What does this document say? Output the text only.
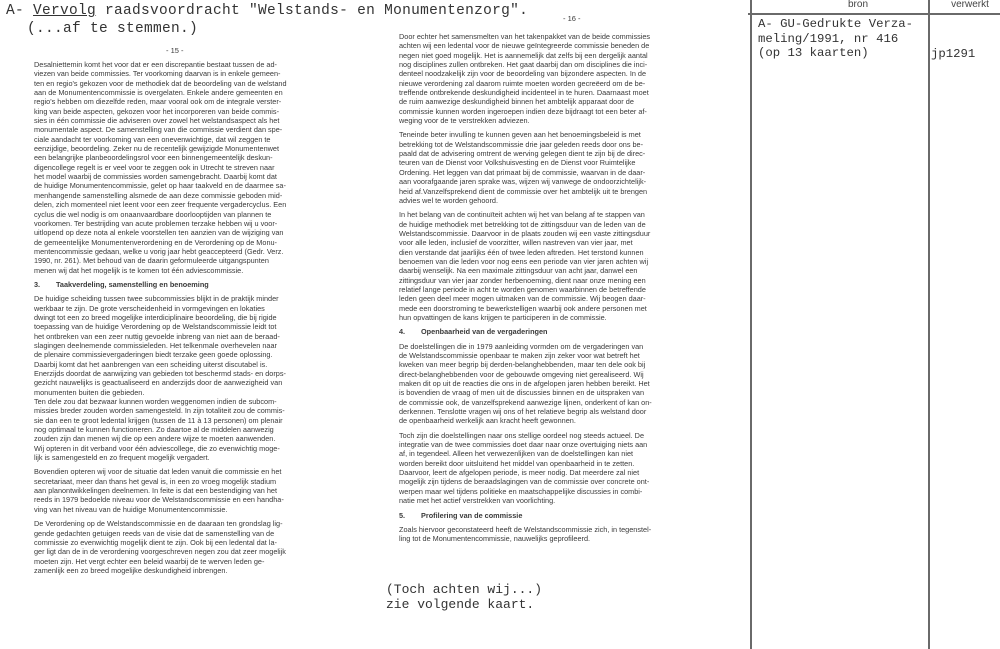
A- Vervolg raadsvoordracht "Welstands- en Monumentenzorg".
(...af te stemmen.)
- 15 -
- 16 -
Desalniettemin komt het voor dat er een discrepantie bestaat tussen de ad-
viezen van beide commissies. Ter voorkoming daarvan is in enkele gemeen-
ten en regio's gekozen voor de methodiek dat de beoordeling van de welstand
aan de Monumentencommissie is overgelaten. Enkele andere gemeenten en
regio's hebben om diezelfde reden, maar vooral ook om de integrale verster-
king van beide aspecten, gekozen voor het incorporeren van beide commis-
sies in één commissie die adviseren over zowel het welstandsaspect als het
monumentale aspect. De samenstelling van die commissie verdient dan spe-
ciale aandacht ter voorkoming van een onevenwichtige, dat wil zeggen te
eenzijdige, beoordeling. Zeker nu de recentelijk gewijzigde Monumentenwet
een belangrijke planbeoordelingsrol voor een binnengemeentelijk deskun-
digencollege regelt is er veel voor te zeggen ook in Utrecht te streven naar
het model waarbij de commissies worden samengebracht. Daarbij komt dat
de huidige Monumentencommissie, gelet op haar taakveld en de daarmee sa-
menhangende samenstelling alsmede de aan deze commissie geboden mid-
delen, zich momenteel niet leent voor een zeer frequente vergadercyclus. Een
cyclus die wel nodig is om onaanvaardbare doorlooptijden van plannen te
voorkomen. Ter bestrijding van acute problemen terzake hebben wij u voor-
uitlopend op deze nota al enkele voorstellen ten aanzien van de wijziging van
de gemeentelijke Monumentenverordening en de Verordening op de Monu-
mentencommissie gedaan, welke u vorig jaar hebt geaccepteerd (Gedr. Verz.
1990, nr. 261). Met behoud van de daarin geformuleerde uitgangspunten
menen wij dat het mogelijk is te komen tot één adviescommissie.
3.	Taakverdeling, samenstelling en benoeming
De huidige scheiding tussen twee subcommissies blijkt in de praktijk minder
werkbaar te zijn. De grote verscheidenheid in vormgevingen en lokaties
dwingt tot een zo breed mogelijke interdiciplinaire beoordeling, die bij rigide
toepassing van de huidige Verordening op de Welstandscommissie leidt tot
het ontbreken van een zeer nuttig gevoelde inbreng van niet aan de beraad-
slagingen deelnemende commissieleden. Het telkenmale overhevelen naar
de plenaire commissievergaderingen biedt terzake geen goede oplossing.
Daarbij komt dat het aanbrengen van een scheiding uiterst discutabel is.
Enerzijds doordat de aanwijzing van gebieden tot beschermd stads- en dorps-
gezicht nauwelijks is geactualiseerd en anderzijds door de aanwezigheid van
monumenten buiten die gebieden.
Ten dele zou dat bezwaar kunnen worden weggenomen indien de subcom-
missies breder zouden worden samengesteld. In zijn totaliteit zou de commis-
sie dan een te groot ledental krijgen (tussen de 11 à 13 personen) om plenair
nog optimaal te kunnen functioneren. Zo daartoe al de middelen aanwezig
zouden zijn dan menen wij die op een andere wijze te moeten aanwenden.
Wij opteren in dit verband voor één adviescollege, die zo evenwichtig moge-
lijk is samengesteld en zo frequent mogelijk vergadert.
Bovendien opteren wij voor de situatie dat leden vanuit die commissie en het
secretariaat, meer dan thans het geval is, in een zo vroeg mogelijk stadium
aan planontwikkelingen deelnemen. In feite is dat een bestendiging van het
reeds in 1979 bedoelde niveau voor de Welstandscommissie en een handha-
ving van het niveau van de huidige Monumentencommissie.
De Verordening op de Welstandscommissie en de daaraan ten grondslag lig-
gende gedachten getuigen reeds van de visie dat de samenstelling van de
commissie zo evenwichtig mogelijk dient te zijn. Ook bij een ledental dat la-
ger ligt dan de in de verordening voorgeschreven negen zou dat zeer mogelijk
moeten zijn. Het vergt echter een beleid waarbij de te werven leden ge-
zamenlijk een zo breed mogelijke deskundigheid inbrengen.
Door echter het samensmelten van het takenpakket van de beide commissies
achten wij een ledental voor de nieuwe geïntegreerde commissie beneden de
negen niet goed mogelijk. Het is aannemelijk dat zelfs bij een dergelijk aantal
nog disciplines zullen ontbreken. Het gaat daarbij dan om disciplines die inci-
denteel noodzakelijk zijn voor de beoordeling van bijzondere aspecten. In de
nieuwe verordening zal daarom ruimte moeten worden gecreëerd om de be-
treffende ontbrekende deskundigheid incidenteel in te huren. Daarnaast moet
de ruim aanwezige deskundigheid binnen het ambtelijk apparaat door de
commissie kunnen worden ingeroepen indien deze bijdraagt tot een beter af-
weging voor de te verstrekken adviezen.
Teneinde beter invulling te kunnen geven aan het benoemingsbeleid is met
betrekking tot de Welstandscommissie drie jaar geleden reeds door ons be-
paald dat de advisering omtrent de werving gelegen dient te zijn bij de direc-
teuren van de Dienst voor Volkshuisvesting en de Dienst voor Ruimtelijke
Ordening. Het leggen van dat primaat bij de commissie, waarvan in de daar-
aan voorafgaande jaren sprake was, wijzen wij vanwege de ondoorzichtelijk-
heid af.Vanzelfsprekend dient de commissie over het ambtelijk uit te brengen
advies wel te worden gehoord.
In het belang van de continuïteit achten wij het van belang af te stappen van
de huidige methodiek met betrekking tot de zittingsduur van de leden van de
Welstandscommissie. Daarvoor in de plaats zouden wij een vaste zittingsduur
voor alle leden, inclusief de voorzitter, willen nastreven van vier jaar, met
dien verstande dat jaarlijks één of twee leden aftreden. Het terstond kunnen
benoemen van die leden voor nog eens een periode van vier jaren achten wij
daarbij wenselijk. Na een maximale zittingsduur van acht jaar, danwel een
zittingsduur van vier jaar zonder herbenoeming, dient naar onze mening een
relatief lange periode in acht te worden genomen waarbinnen de betreffende
leden geen deel meer mogen uitmaken van de commissie. Wij beogen daar-
mede een doorstroming te bewerkstelligen waarbij ook andere personen met
hun opvattingen de kans krijgen te participeren in de commissie.
4.	Openbaarheid van de vergaderingen
De doelstellingen die in 1979 aanleiding vormden om de vergaderingen van
de Welstandscommissie openbaar te maken zijn zeker voor wat betreft het
kweken van meer begrip bij derden-belanghebbenden, maar ten dele ook bij
direct-belanghebbenden voor de gebouwde omgeving niet gerealiseerd. Wij
maken dit op uit de reacties die ons in de afgelopen jaren hebben bereikt. Het
is bovendien de vraag of men uit de discussies binnen en de uitspraken van
de commissie ook, de vanzelfsprekend aanwezige lijnen, onderkent of kan on-
derkennen. Tenslotte vragen wij ons of het relatieve begrip als welstand door
de openbaarheid werkelijk aan kracht heeft gewonnen.
Toch zijn die doelstellingen naar ons stellige oordeel nog steeds actueel. De
integratie van de twee commissies doet daar naar onze overtuiging niets aan
af, in tegendeel. Alleen het verwezenlijken van de doelstellingen kan niet
worden bereikt door uitsluitend het middel van openbaarheid in te zetten.
Daarvoor, leert de afgelopen periode, is meer nodig. Dat meerdere zal niet
mogelijk zijn tijdens de beraadslagingen van de commissie over concrete ont-
werpen maar wel tijdens politieke en maatschappelijke discussies in combi-
natie met het actief verstrekken van voorlichting.
5.	Profilering van de commissie
Zoals hiervoor geconstateerd heeft de Welstandscommissie zich, in tegenstel-
ling tot de Monumentencommissie, nauwelijks geprofileerd.
(Toch achten wij...)
zie volgende kaart.
bron	verwerkt
A- GU-Gedrukte Verza-
meling/1991, nr 416
(op 13 kaarten)	jp1291
